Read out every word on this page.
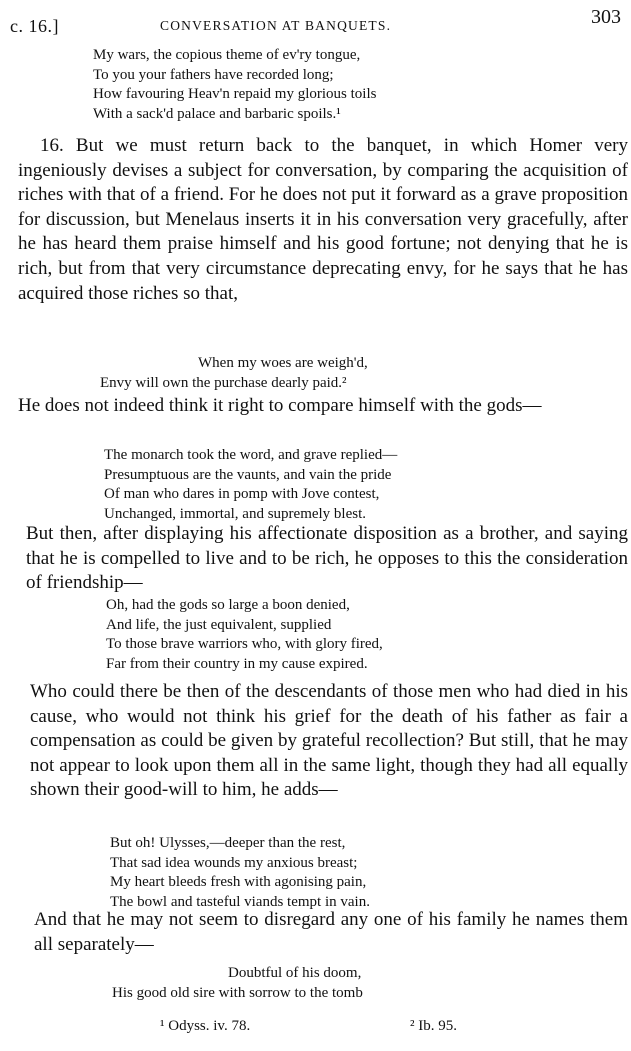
c. 16.]	CONVERSATION AT BANQUETS.	303
My wars, the copious theme of ev'ry tongue,
To you your fathers have recorded long;
How favouring Heav'n repaid my glorious toils
With a sack'd palace and barbaric spoils.¹
16. But we must return back to the banquet, in which Homer very ingeniously devises a subject for conversation, by comparing the acquisition of riches with that of a friend. For he does not put it forward as a grave proposition for discussion, but Menelaus inserts it in his conversation very gracefully, after he has heard them praise himself and his good fortune; not denying that he is rich, but from that very circumstance deprecating envy, for he says that he has acquired those riches so that,
When my woes are weigh'd,
Envy will own the purchase dearly paid.²
He does not indeed think it right to compare himself with the gods—
The monarch took the word, and grave replied—
Presumptuous are the vaunts, and vain the pride
Of man who dares in pomp with Jove contest,
Unchanged, immortal, and supremely blest.
But then, after displaying his affectionate disposition as a brother, and saying that he is compelled to live and to be rich, he opposes to this the consideration of friendship—
Oh, had the gods so large a boon denied,
And life, the just equivalent, supplied
To those brave warriors who, with glory fired,
Far from their country in my cause expired.
Who could there be then of the descendants of those men who had died in his cause, who would not think his grief for the death of his father as fair a compensation as could be given by grateful recollection? But still, that he may not appear to look upon them all in the same light, though they had all equally shown their good-will to him, he adds—
But oh! Ulysses,—deeper than the rest,
That sad idea wounds my anxious breast;
My heart bleeds fresh with agonising pain,
The bowl and tasteful viands tempt in vain.
And that he may not seem to disregard any one of his family he names them all separately—
Doubtful of his doom,
His good old sire with sorrow to the tomb
¹ Odyss. iv. 78.	² Ib. 95.
